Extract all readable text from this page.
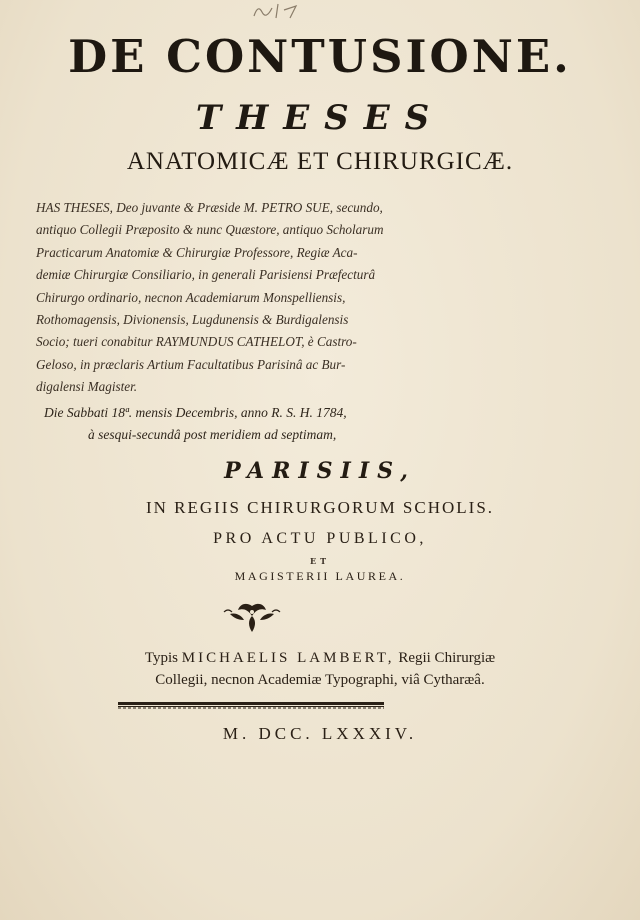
DE CONTUSIONE.
THESES
ANATOMICÆ ET CHIRURGICÆ.
HAS THESES, Deo juvante & Præside M. PETRO SUE, secundo,
antiquo Collegii Præposito & nunc Quæstore, antiquo Scholarum
Practicarum Anatomiæ & Chirurgiæ Professore, Regiæ Aca-
demiæ Chirurgiæ Consiliario, in generali Parisiensi Præfecturâ
Chirurgo ordinario, necnon Academiarum Monspelliensis,
Rothomagensis, Divionensis, Lugdunensis & Burdigalensis
Socio; tueri conabitur RAYMUNDUS CATHELOT, è Castro-
Geloso, in præclaris Artium Facultatibus Parisinâ ac Bur-
digalensi Magister.
Die Sabbati 18ª. mensis Decembris, anno R. S. H. 1784,
à sesqui-secundâ post meridiem ad septimam,
PARISIIS,
IN REGIIS CHIRURGORUM SCHOLIS.
PRO ACTU PUBLICO,
ET
MAGISTERII LAUREA.
Typis MICHAELIS LAMBERT, Regii Chirurgiæ
Collegii, necnon Academiæ Typographi, viâ Cytharæâ.
M. DCC. LXXXIV.
